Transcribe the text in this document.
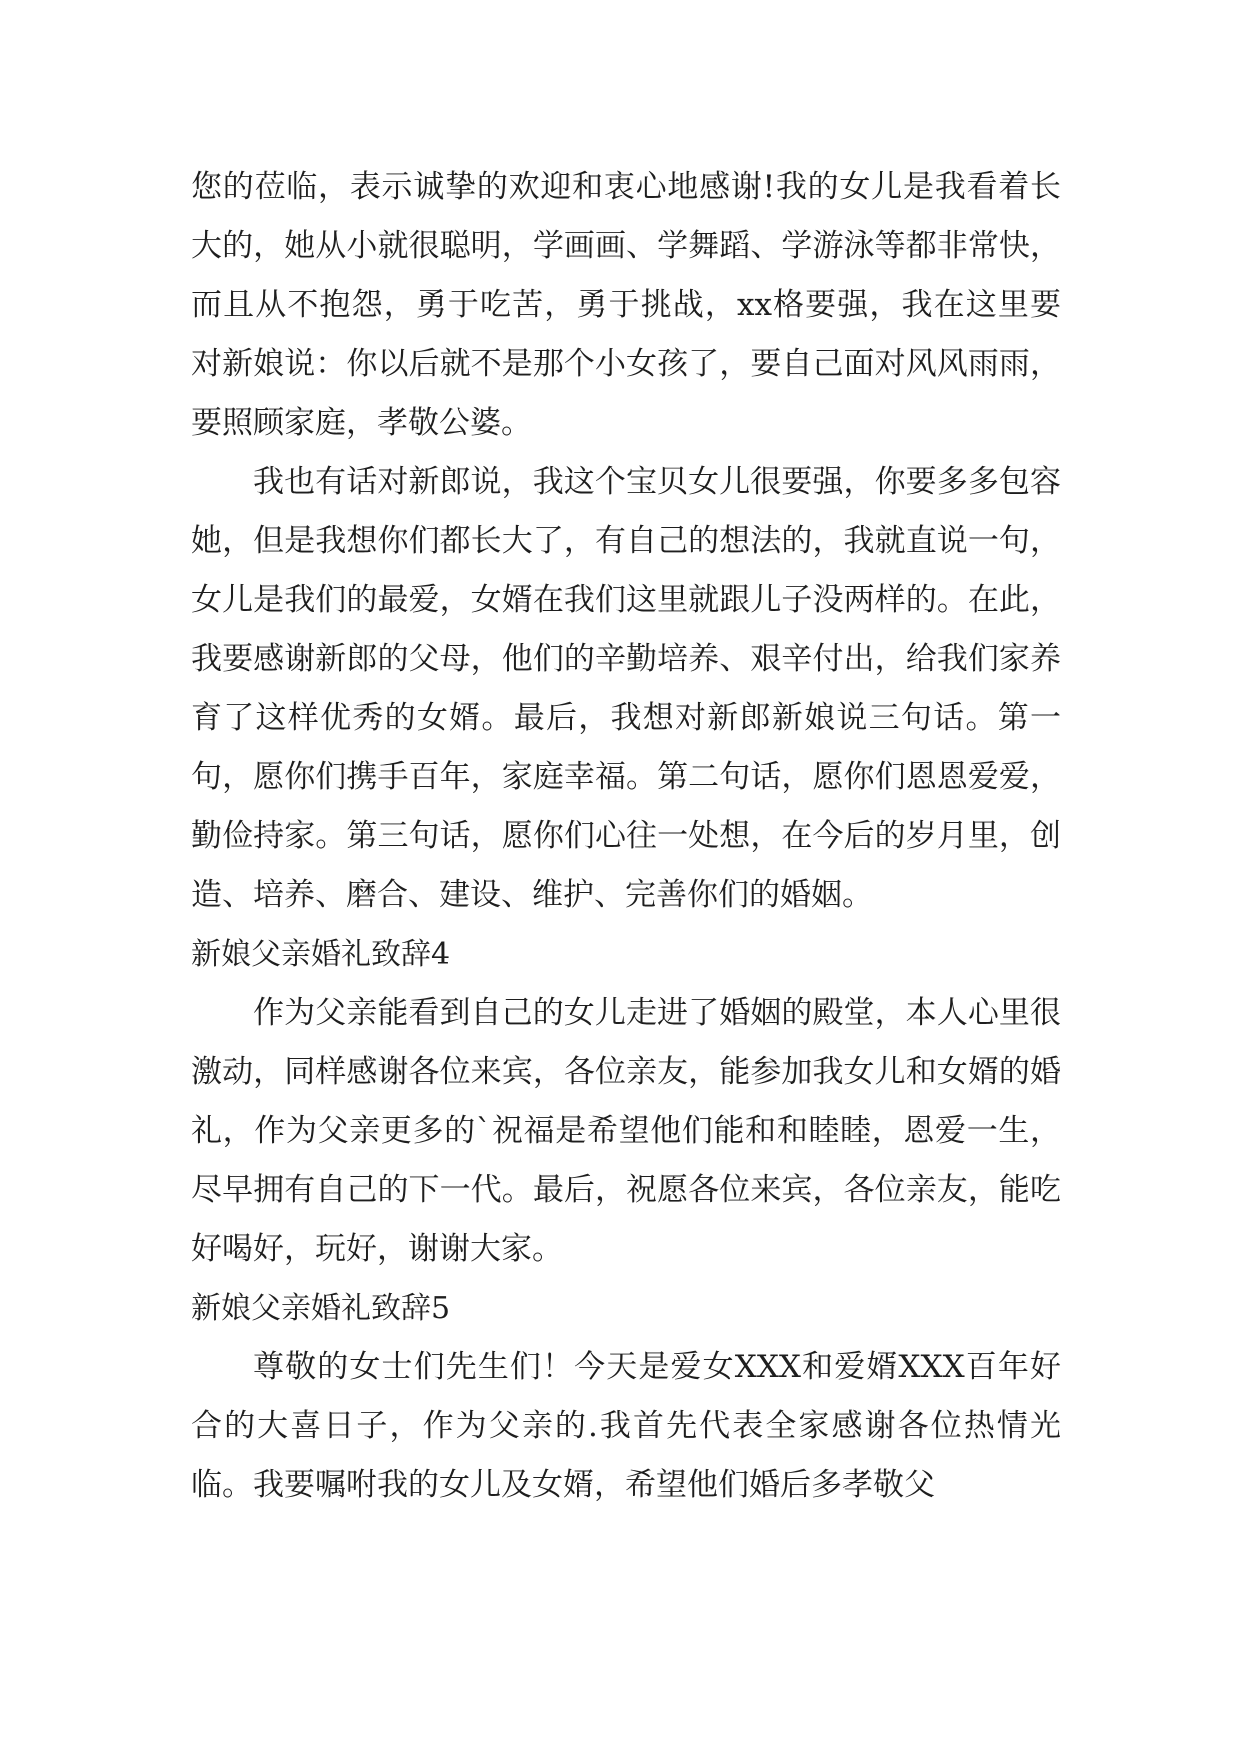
您的莅临，表示诚挚的欢迎和衷心地感谢!我的女儿是我看着长大的，她从小就很聪明，学画画、学舞蹈、学游泳等都非常快，而且从不抱怨，勇于吃苦，勇于挑战，xx格要强，我在这里要对新娘说：你以后就不是那个小女孩了，要自己面对风风雨雨，要照顾家庭，孝敬公婆。

我也有话对新郎说，我这个宝贝女儿很要强，你要多多包容她，但是我想你们都长大了，有自己的想法的，我就直说一句，女儿是我们的最爱，女婿在我们这里就跟儿子没两样的。在此，我要感谢新郎的父母，他们的辛勤培养、艰辛付出，给我们家养育了这样优秀的女婿。最后，我想对新郎新娘说三句话。第一句，愿你们携手百年，家庭幸福。第二句话，愿你们恩恩爱爱，勤俭持家。第三句话，愿你们心往一处想，在今后的岁月里，创造、培养、磨合、建设、维护、完善你们的婚姻。

新娘父亲婚礼致辞4

作为父亲能看到自己的女儿走进了婚姻的殿堂，本人心里很激动，同样感谢各位来宾，各位亲友，能参加我女儿和女婿的婚礼，作为父亲更多的`祝福是希望他们能和和睦睦，恩爱一生，尽早拥有自己的下一代。最后，祝愿各位来宾，各位亲友，能吃好喝好，玩好，谢谢大家。

新娘父亲婚礼致辞5

尊敬的女士们先生们！今天是爱女XXX和爱婿XXX百年好合的大喜日子，作为父亲的.我首先代表全家感谢各位热情光临。我要嘱咐我的女儿及女婿，希望他们婚后多孝敬父
